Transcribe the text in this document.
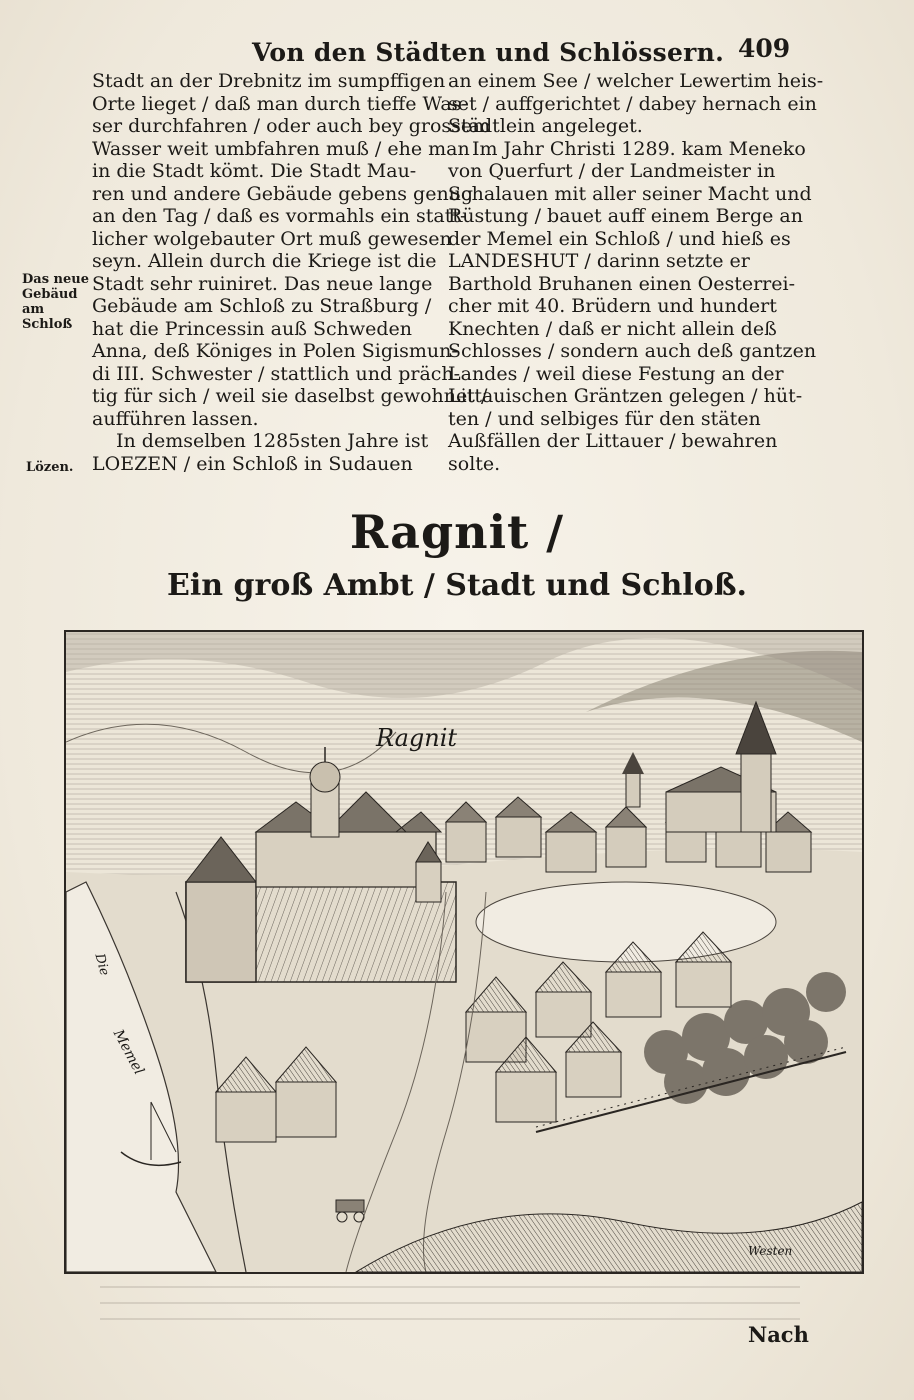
Von den Städten und Schlössern. 409
Stadt an der Drebnitz im sumpffigen
Orte lieget / daß man durch tieffe Was-
ser durchfahren / oder auch bey grossem
Wasser weit umbfahren muß / ehe man
in die Stadt kömt. Die Stadt Mau-
ren und andere Gebäude gebens genug
an den Tag / daß es vormahls ein statt-
licher wolgebauter Ort muß gewesen
seyn. Allein durch die Kriege ist die
Stadt sehr ruiniret. Das neue lange
Gebäude am Schloß zu Straßburg /
hat die Princessin auß Schweden
Anna, deß Königes in Polen Sigismun-
di III. Schwester / stattlich und präch-
tig für sich / weil sie daselbst gewohnet /
aufführen lassen.
In demselben 1285sten Jahre ist
LOEZEN / ein Schloß in Sudauen
an einem See / welcher Lewertim heis-
set / auffgerichtet / dabey hernach ein
Städtlein angeleget.
Im Jahr Christi 1289. kam Meneko
von Querfurt / der Landmeister in
Schalauen mit aller seiner Macht und
Rüstung / bauet auff einem Berge an
der Memel ein Schloß / und hieß es
LANDESHUT / darinn setzte er
Barthold Bruhanen einen Oesterrei-
cher mit 40. Brüdern und hundert
Knechten / daß er nicht allein deß
Schlosses / sondern auch deß gantzen
Landes / weil diese Festung an der
Littauischen Gräntzen gelegen / hüt-
ten / und selbiges für den stäten
Außfällen der Littauer / bewahren
solte.
Das neue Gebäud am Schloß
Lözen.
Ragnit /
Ein groß Ambt / Stadt und Schloß.
Ragnit
Die
Memel
Westen
Nach
